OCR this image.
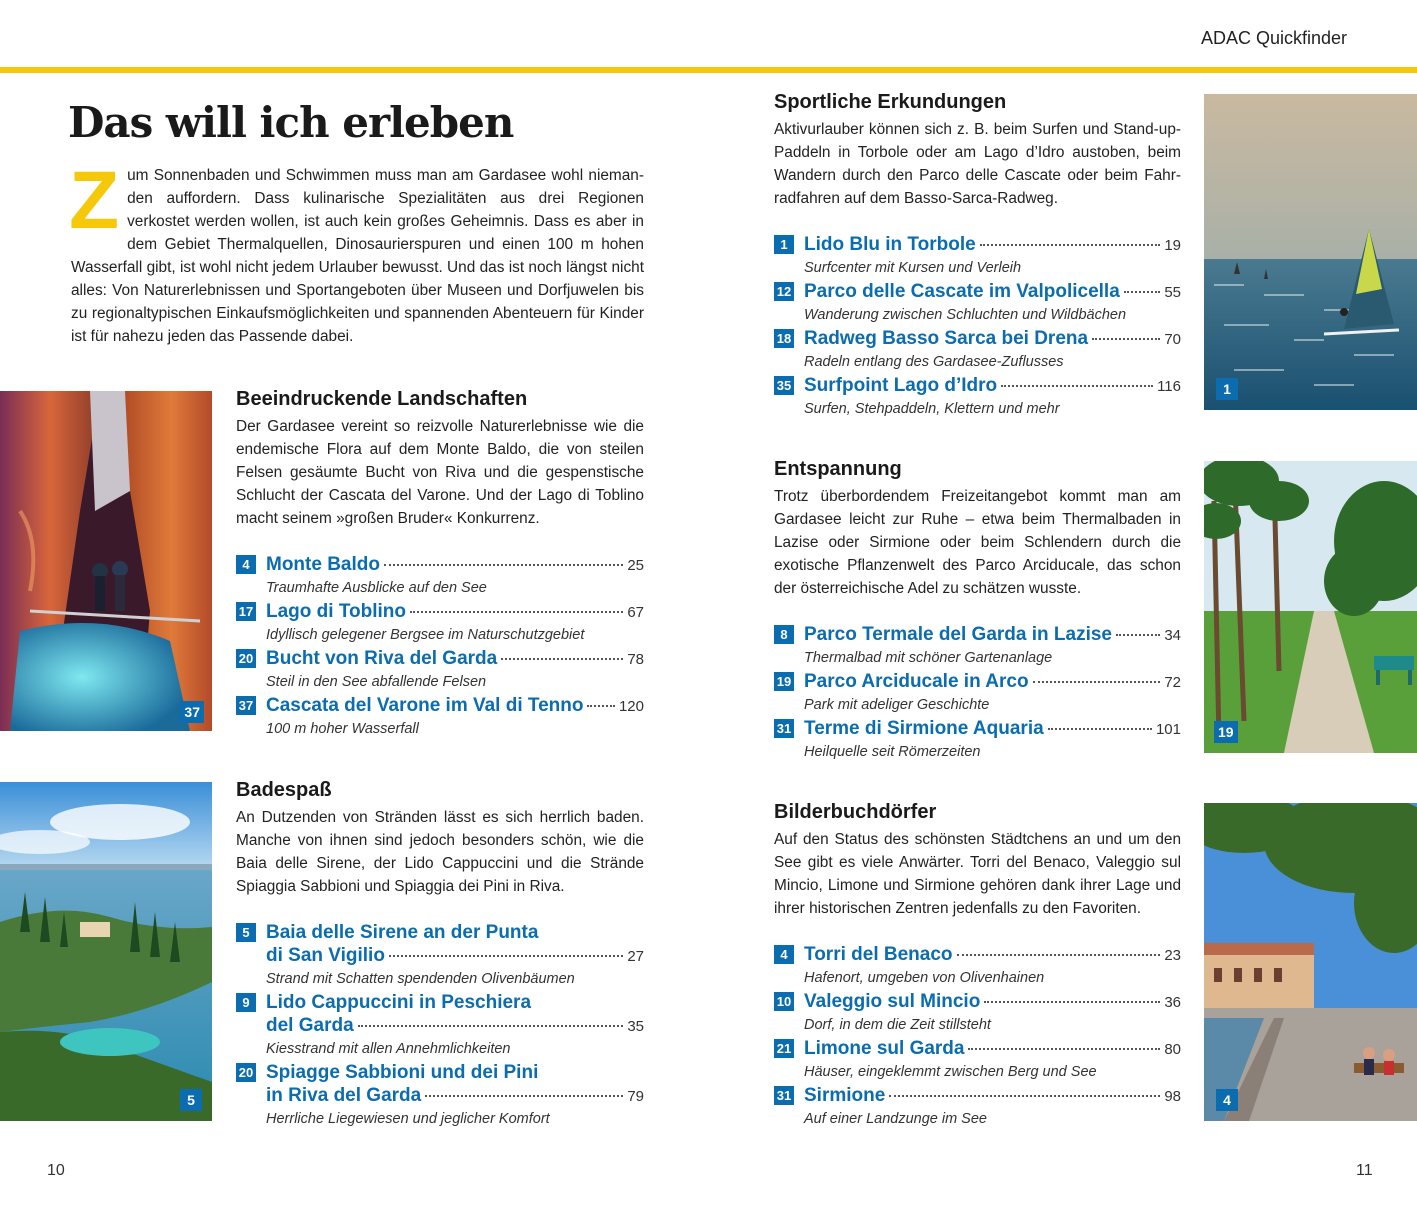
ADAC Quickfinder
Das will ich erleben
Z um Sonnenbaden und Schwimmen muss man am Gardasee wohl niemanden auffordern. Dass kulinarische Spezialitäten aus drei Regionen verkostet werden wollen, ist auch kein großes Geheimnis. Dass es aber in dem Gebiet Thermalquellen, Dinosaurierspuren und einen 100 m hohen Wasserfall gibt, ist wohl nicht jedem Urlauber bewusst. Und das ist noch längst nicht alles: Von Naturerlebnissen und Sportangeboten über Museen und Dorfjuwelen bis zu regionaltypischen Einkaufsmöglichkeiten und spannenden Abenteuern für Kinder ist für nahezu jeden das Passende dabei.
37
Beeindruckende Landschaften

Der Gardasee vereint so reizvolle Naturerlebnisse wie die endemische Flora auf dem Monte Baldo, die von steilen Felsen gesäumte Bucht von Riva und die gespenstische Schlucht der Cascata del Varone. Und der Lago di Toblino macht seinem »großen Bruder« Konkurrenz.

4 Monte Baldo	25
Traumhafte Ausblicke auf den See
17 Lago di Toblino	67
Idyllisch gelegener Bergsee im Naturschutzgebiet
20 Bucht von Riva del Garda	78
Steil in den See abfallende Felsen
37 Cascata del Varone im Val di Tenno 120
100 m hoher Wasserfall
5
Badespaß

An Dutzenden von Stränden lässt es sich herrlich baden. Manche von ihnen sind jedoch besonders schön, wie die Baia delle Sirene, der Lido Cappuccini und die Strände Spiaggia Sabbioni und Spiaggia dei Pini in Riva.

5 Baia delle Sirene an der Punta
di San Vigilio	27
Strand mit Schatten spendenden Olivenbäumen
9 Lido Cappuccini in Peschiera
del Garda	35
Kiesstrand mit allen Annehmlichkeiten
20 Spiagge Sabbioni und dei Pini
in Riva del Garda	79
Herrliche Liegewiesen und jeglicher Komfort
Sportliche Erkundungen

Aktivurlauber können sich z. B. beim Surfen und Stand-up-Paddeln in Torbole oder am Lago d’Idro austoben, beim Wandern durch den Parco delle Cascate oder beim Fahrradfahren auf dem Basso-Sarca-Radweg.

1 Lido Blu in Torbole	19
Surfcenter mit Kursen und Verleih
12 Parco delle Cascate im Valpolicella	55
Wanderung zwischen Schluchten und Wildbächen
18 Radweg Basso Sarca bei Drena	70
Radeln entlang des Gardasee-Zuflusses
35 Surfpoint Lago d’Idro	116
Surfen, Stehpaddeln, Klettern und mehr
1
Entspannung

Trotz überbordendem Freizeitangebot kommt man am Gardasee leicht zur Ruhe – etwa beim Thermalbaden in Lazise oder Sirmione oder beim Schlendern durch die exotische Pflanzenwelt des Parco Arciducale, das schon der österreichische Adel zu schätzen wusste.

8 Parco Termale del Garda in Lazise	34
Thermalbad mit schöner Gartenanlage
19 Parco Arciducale in Arco	72
Park mit adeliger Geschichte
31 Terme di Sirmione Aquaria	101
Heilquelle seit Römerzeiten
19
Bilderbuchdörfer

Auf den Status des schönsten Städtchens an und um den See gibt es viele Anwärter. Torri del Benaco, Valeggio sul Mincio, Limone und Sirmione gehören dank ihrer Lage und ihrer historischen Zentren jedenfalls zu den Favoriten.

4 Torri del Benaco	23
Hafenort, umgeben von Olivenhainen
10 Valeggio sul Mincio	36
Dorf, in dem die Zeit stillsteht
21 Limone sul Garda	80
Häuser, eingeklemmt zwischen Berg und See
31 Sirmione	98
Auf einer Landzunge im See
4
10	11
